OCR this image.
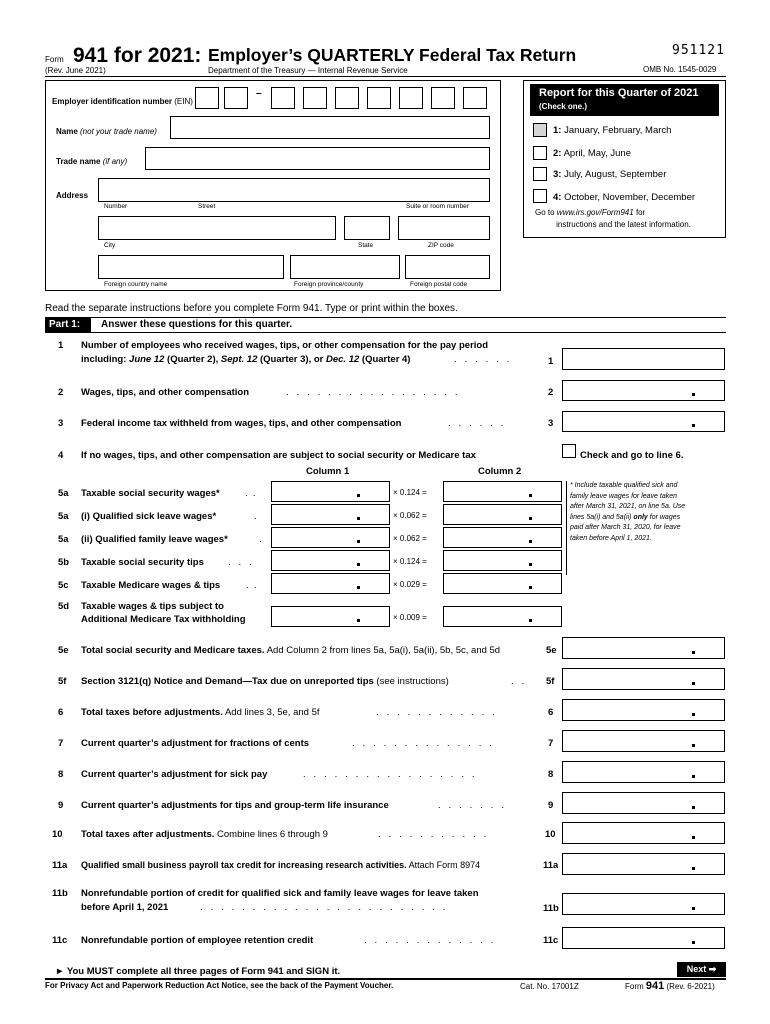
Form 941 for 2021: Employer’s QUARTERLY Federal Tax Return
(Rev. June 2021)	Department of the Treasury — Internal Revenue Service
951121
OMB No. 1545-0029
Employer identification number (EIN)
–
Name (not your trade name)
Trade name (if any)
Address
Number	Street	Suite or room number
City	State	ZIP code
Foreign country name	Foreign province/county	Foreign postal code
Report for this Quarter of 2021
(Check one.)
1: January, February, March
2: April, May, June
3: July, August, September
4: October, November, December
Go to www.irs.gov/Form941 for
instructions and the latest information.
Read the separate instructions before you complete Form 941. Type or print within the boxes.
Part 1:	Answer these questions for this quarter.
1 Number of employees who received wages, tips, or other compensation for the pay period
including: June 12 (Quarter 2), Sept. 12 (Quarter 3), or Dec. 12 (Quarter 4)	.   .   .   .   .   .	1
2 Wages, tips, and other compensation	.   .   .   .   .   .   .   .   .   .   .   .   .   .   .   .   .	2
3 Federal income tax withheld from wages, tips, and other compensation	.   .   .   .   .   .	3
4 If no wages, tips, and other compensation are subject to social security or Medicare tax	Check and go to line 6.
Column 1	Column 2
5a Taxable social security wages*	.  .	× 0.124 =
5a (i) Qualified sick leave wages*	.	× 0.062 =
5a (ii) Qualified family leave wages*	.	× 0.062 =
5b Taxable social security tips	.   .   .	× 0.124 =
5c Taxable Medicare wages & tips	.  .	× 0.029 =
5d Taxable wages & tips subject to
Additional Medicare Tax withholding	× 0.009 =
* Include taxable qualified sick and
family leave wages for leave taken
after March 31, 2021, on line 5a. Use
lines 5a(i) and 5a(ii) only for wages
paid after March 31, 2020, for leave
taken before April 1, 2021.
5e Total social security and Medicare taxes. Add Column 2 from lines 5a, 5a(i), 5a(ii), 5b, 5c, and 5d	5e
5f Section 3121(q) Notice and Demand—Tax due on unreported tips (see instructions)	.   . 5f
6 Total taxes before adjustments. Add lines 3, 5e, and 5f	.   .   .   .   .   .   .   .   .   .   .   .	6
7 Current quarter’s adjustment for fractions of cents	.   .   .   .   .   .   .   .   .   .   .   .   .   .	7
8 Current quarter’s adjustment for sick pay	.   .   .   .   .   .   .   .   .   .   .   .   .   .   .   .   .	8
9 Current quarter’s adjustments for tips and group-term life insurance	.   .   .   .   .   .   .	9
10 Total taxes after adjustments. Combine lines 6 through 9	.   .   .   .   .   .   .   .   .   .   .	10
11a Qualified small business payroll tax credit for increasing research activities. Attach Form 8974	11a
11b Nonrefundable portion of credit for qualified sick and family leave wages for leave taken
before April 1, 2021	.   .   .   .   .   .   .   .   .   .   .   .   .   .   .   .   .   .   .   .   .   .   .   .	11b
11c Nonrefundable portion of employee retention credit	.   .   .   .   .   .   .   .   .   .   .   .   .	11c
► You MUST complete all three pages of Form 941 and SIGN it.	Next ➡
For Privacy Act and Paperwork Reduction Act Notice, see the back of the Payment Voucher.	Cat. No. 17001Z	Form 941 (Rev. 6-2021)
